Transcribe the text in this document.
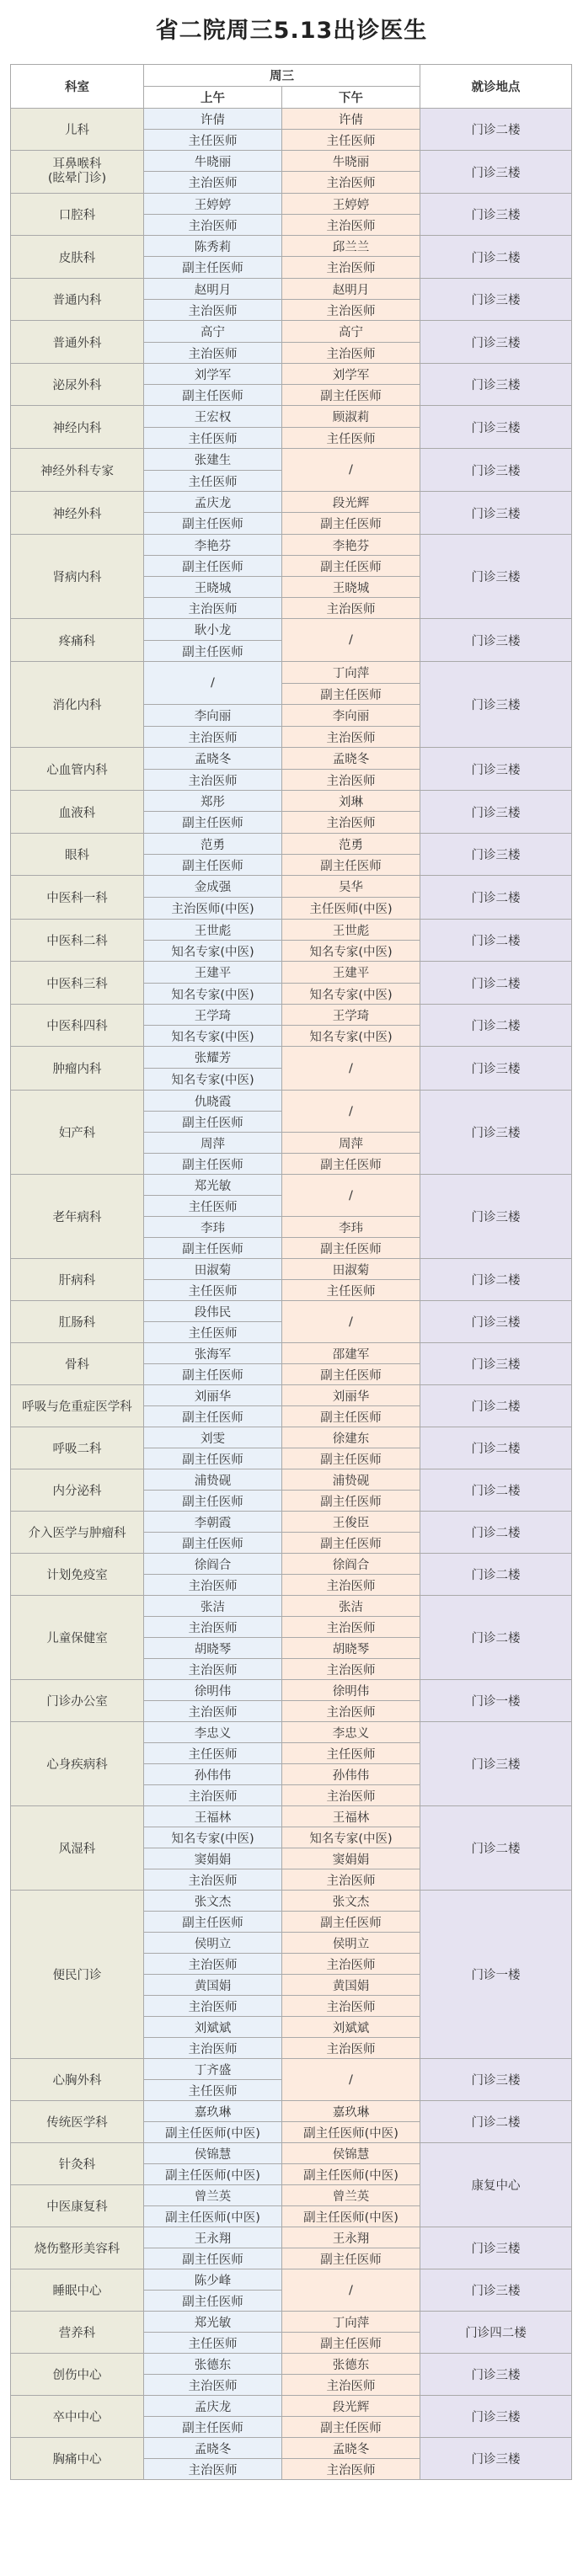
省二院周三5.13出诊医生
科室	周三		就诊地点
	上午	下午	
儿科	许倩	许倩	门诊二楼
	主任医师	主任医师	
耳鼻喉科
(眩晕门诊)	牛晓丽	牛晓丽	门诊三楼
	主治医师	主治医师	
口腔科	王婷婷	王婷婷	门诊三楼
	主治医师	主治医师	
皮肤科	陈秀莉	邱兰兰	门诊二楼
	副主任医师	主治医师	
普通内科	赵明月	赵明月	门诊三楼
	主治医师	主治医师	
普通外科	高宁	高宁	门诊三楼
	主治医师	主治医师	
泌尿外科	刘学军	刘学军	门诊三楼
	副主任医师	副主任医师	
神经内科	王宏权	顾淑莉	门诊三楼
	主任医师	主任医师	
神经外科专家	张建生	/	门诊三楼
	主任医师		
神经外科	孟庆龙	段光辉	门诊三楼
	副主任医师	副主任医师	
肾病内科	李艳芬	李艳芬	门诊三楼
	副主任医师	副主任医师	
	王晓城	王晓城	
	主治医师	主治医师	
疼痛科	耿小龙	/	门诊三楼
	副主任医师		
消化内科	/	丁向萍	门诊三楼
		副主任医师	
	李向丽	李向丽	
	主治医师	主治医师	
心血管内科	孟晓冬	孟晓冬	门诊三楼
	主治医师	主治医师	
血液科	郑彤	刘琳	门诊三楼
	副主任医师	主治医师	
眼科	范勇	范勇	门诊三楼
	副主任医师	副主任医师	
中医科一科	金成强	吴华	门诊二楼
	主治医师(中医)	主任医师(中医)	
中医科二科	王世彪	王世彪	门诊二楼
	知名专家(中医)	知名专家(中医)	
中医科三科	王建平	王建平	门诊二楼
	知名专家(中医)	知名专家(中医)	
中医科四科	王学琦	王学琦	门诊二楼
	知名专家(中医)	知名专家(中医)	
肿瘤内科	张耀芳	/	门诊三楼
	知名专家(中医)		
妇产科	仇晓霞	/	门诊三楼
	副主任医师		
	周萍	周萍	
	副主任医师	副主任医师	
老年病科	郑光敏	/	门诊三楼
	主任医师		
	李玮	李玮	
	副主任医师	副主任医师	
肝病科	田淑菊	田淑菊	门诊二楼
	主任医师	主任医师	
肛肠科	段伟民	/	门诊三楼
	主任医师		
骨科	张海军	邵建军	门诊三楼
	副主任医师	副主任医师	
呼吸与危重症医学科	刘丽华	刘丽华	门诊二楼
	副主任医师	副主任医师	
呼吸二科	刘雯	徐建东	门诊二楼
	副主任医师	副主任医师	
内分泌科	浦贽砚	浦贽砚	门诊二楼
	副主任医师	副主任医师	
介入医学与肿瘤科	李朝霞	王俊臣	门诊二楼
	副主任医师	副主任医师	
计划免疫室	徐阎合	徐阎合	门诊二楼
	主治医师	主治医师	
儿童保健室	张洁	张洁	门诊二楼
	主治医师	主治医师	
	胡晓琴	胡晓琴	
	主治医师	主治医师	
门诊办公室	徐明伟	徐明伟	门诊一楼
	主治医师	主治医师	
心身疾病科	李忠义	李忠义	门诊三楼
	主任医师	主任医师	
	孙伟伟	孙伟伟	
	主治医师	主治医师	
风湿科	王福林	王福林	门诊二楼
	知名专家(中医)	知名专家(中医)	
	窦娟娟	窦娟娟	
	主治医师	主治医师	
便民门诊	张文杰	张文杰	门诊一楼
	副主任医师	副主任医师	
	侯明立	侯明立	
	主治医师	主治医师	
	黄国娟	黄国娟	
	主治医师	主治医师	
	刘斌斌	刘斌斌	
	主治医师	主治医师	
心胸外科	丁齐盛	/	门诊三楼
	主任医师		
传统医学科	嘉玖琳	嘉玖琳	门诊二楼
	副主任医师(中医)	副主任医师(中医)	
针灸科	侯锦慧	侯锦慧	康复中心
	副主任医师(中医)	副主任医师(中医)	
中医康复科	曾兰英	曾兰英	
	副主任医师(中医)	副主任医师(中医)	
烧伤整形美容科	王永翔	王永翔	门诊三楼
	副主任医师	副主任医师	
睡眠中心	陈少峰	/	门诊三楼
	副主任医师		
营养科	郑光敏	丁向萍	门诊四二楼
	主任医师	副主任医师	
创伤中心	张德东	张德东	门诊三楼
	主治医师	主治医师	
卒中中心	孟庆龙	段光辉	门诊三楼
	副主任医师	副主任医师	
胸痛中心	孟晓冬	孟晓冬	门诊三楼
	主治医师	主治医师	
